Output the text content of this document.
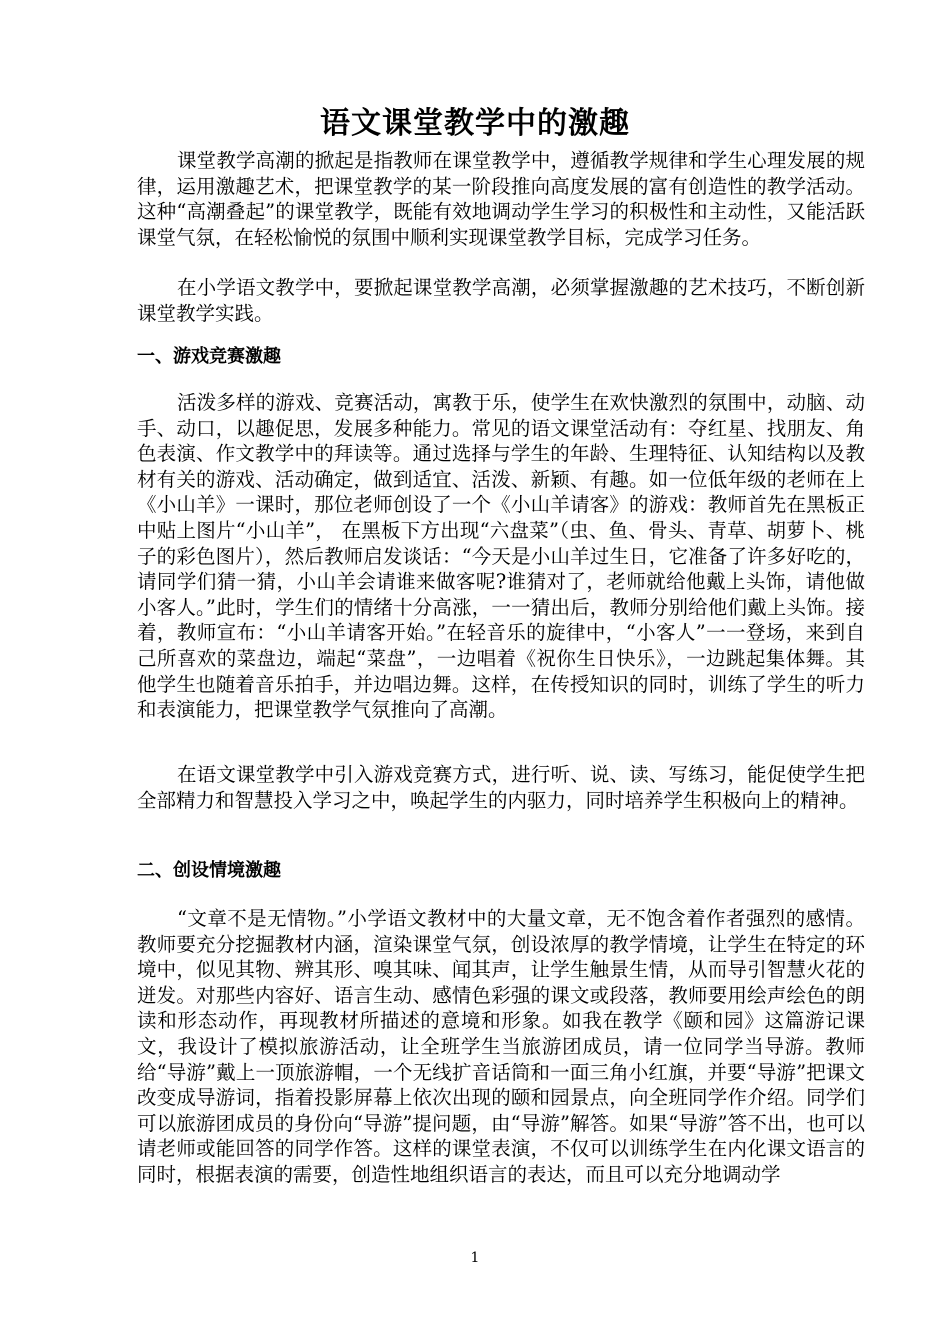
语文课堂教学中的激趣

课堂教学高潮的掀起是指教师在课堂教学中，遵循教学规律和学生心理发展的规律，运用激趣艺术，把课堂教学的某一阶段推向高度发展的富有创造性的教学活动。这种“高潮叠起”的课堂教学，既能有效地调动学生学习的积极性和主动性，又能活跃课堂气氛，在轻松愉悦的氛围中顺利实现课堂教学目标，完成学习任务。

在小学语文教学中，要掀起课堂教学高潮，必须掌握激趣的艺术技巧，不断创新课堂教学实践。

一、游戏竞赛激趣

活泼多样的游戏、竞赛活动，寓教于乐，使学生在欢快激烈的氛围中，动脑、动手、动口，以趣促思，发展多种能力。常见的语文课堂活动有：夺红星、找朋友、角色表演、作文教学中的拜读等。通过选择与学生的年龄、生理特征、认知结构以及教材有关的游戏、活动确定，做到适宜、活泼、新颖、有趣。如一位低年级的老师在上《小山羊》一课时，那位老师创设了一个《小山羊请客》的游戏：教师首先在黑板正中贴上图片“小山羊”， 在黑板下方出现“六盘菜”（虫、鱼、骨头、青草、胡萝卜、桃子的彩色图片），然后教师启发谈话：“今天是小山羊过生日，它准备了许多好吃的，请同学们猜一猜，小山羊会请谁来做客呢?谁猜对了，老师就给他戴上头饰，请他做小客人。”此时，学生们的情绪十分高涨，一一猜出后，教师分别给他们戴上头饰。接着，教师宣布：“小山羊请客开始。”在轻音乐的旋律中，“小客人”一一登场，来到自己所喜欢的菜盘边，端起“菜盘”，一边唱着《祝你生日快乐》，一边跳起集体舞。其他学生也随着音乐拍手，并边唱边舞。这样，在传授知识的同时，训练了学生的听力和表演能力，把课堂教学气氛推向了高潮。

在语文课堂教学中引入游戏竞赛方式，进行听、说、读、写练习，能促使学生把全部精力和智慧投入学习之中，唤起学生的内驱力，同时培养学生积极向上的精神。

二、创设情境激趣

“文章不是无情物。”小学语文教材中的大量文章，无不饱含着作者强烈的感情。教师要充分挖掘教材内涵，渲染课堂气氛，创设浓厚的教学情境，让学生在特定的环境中，似见其物、辨其形、嗅其味、闻其声，让学生触景生情，从而导引智慧火花的迸发。对那些内容好、语言生动、感情色彩强的课文或段落，教师要用绘声绘色的朗读和形态动作，再现教材所描述的意境和形象。如我在教学《颐和园》这篇游记课文，我设计了模拟旅游活动，让全班学生当旅游团成员，请一位同学当导游。教师给“导游”戴上一顶旅游帽，一个无线扩音话筒和一面三角小红旗，并要“导游”把课文改变成导游词，指着投影屏幕上依次出现的颐和园景点，向全班同学作介绍。同学们可以旅游团成员的身份向“导游”提问题，由“导游”解答。如果“导游”答不出，也可以请老师或能回答的同学作答。这样的课堂表演，不仅可以训练学生在内化课文语言的同时，根据表演的需要，创造性地组织语言的表达，而且可以充分地调动学

1
